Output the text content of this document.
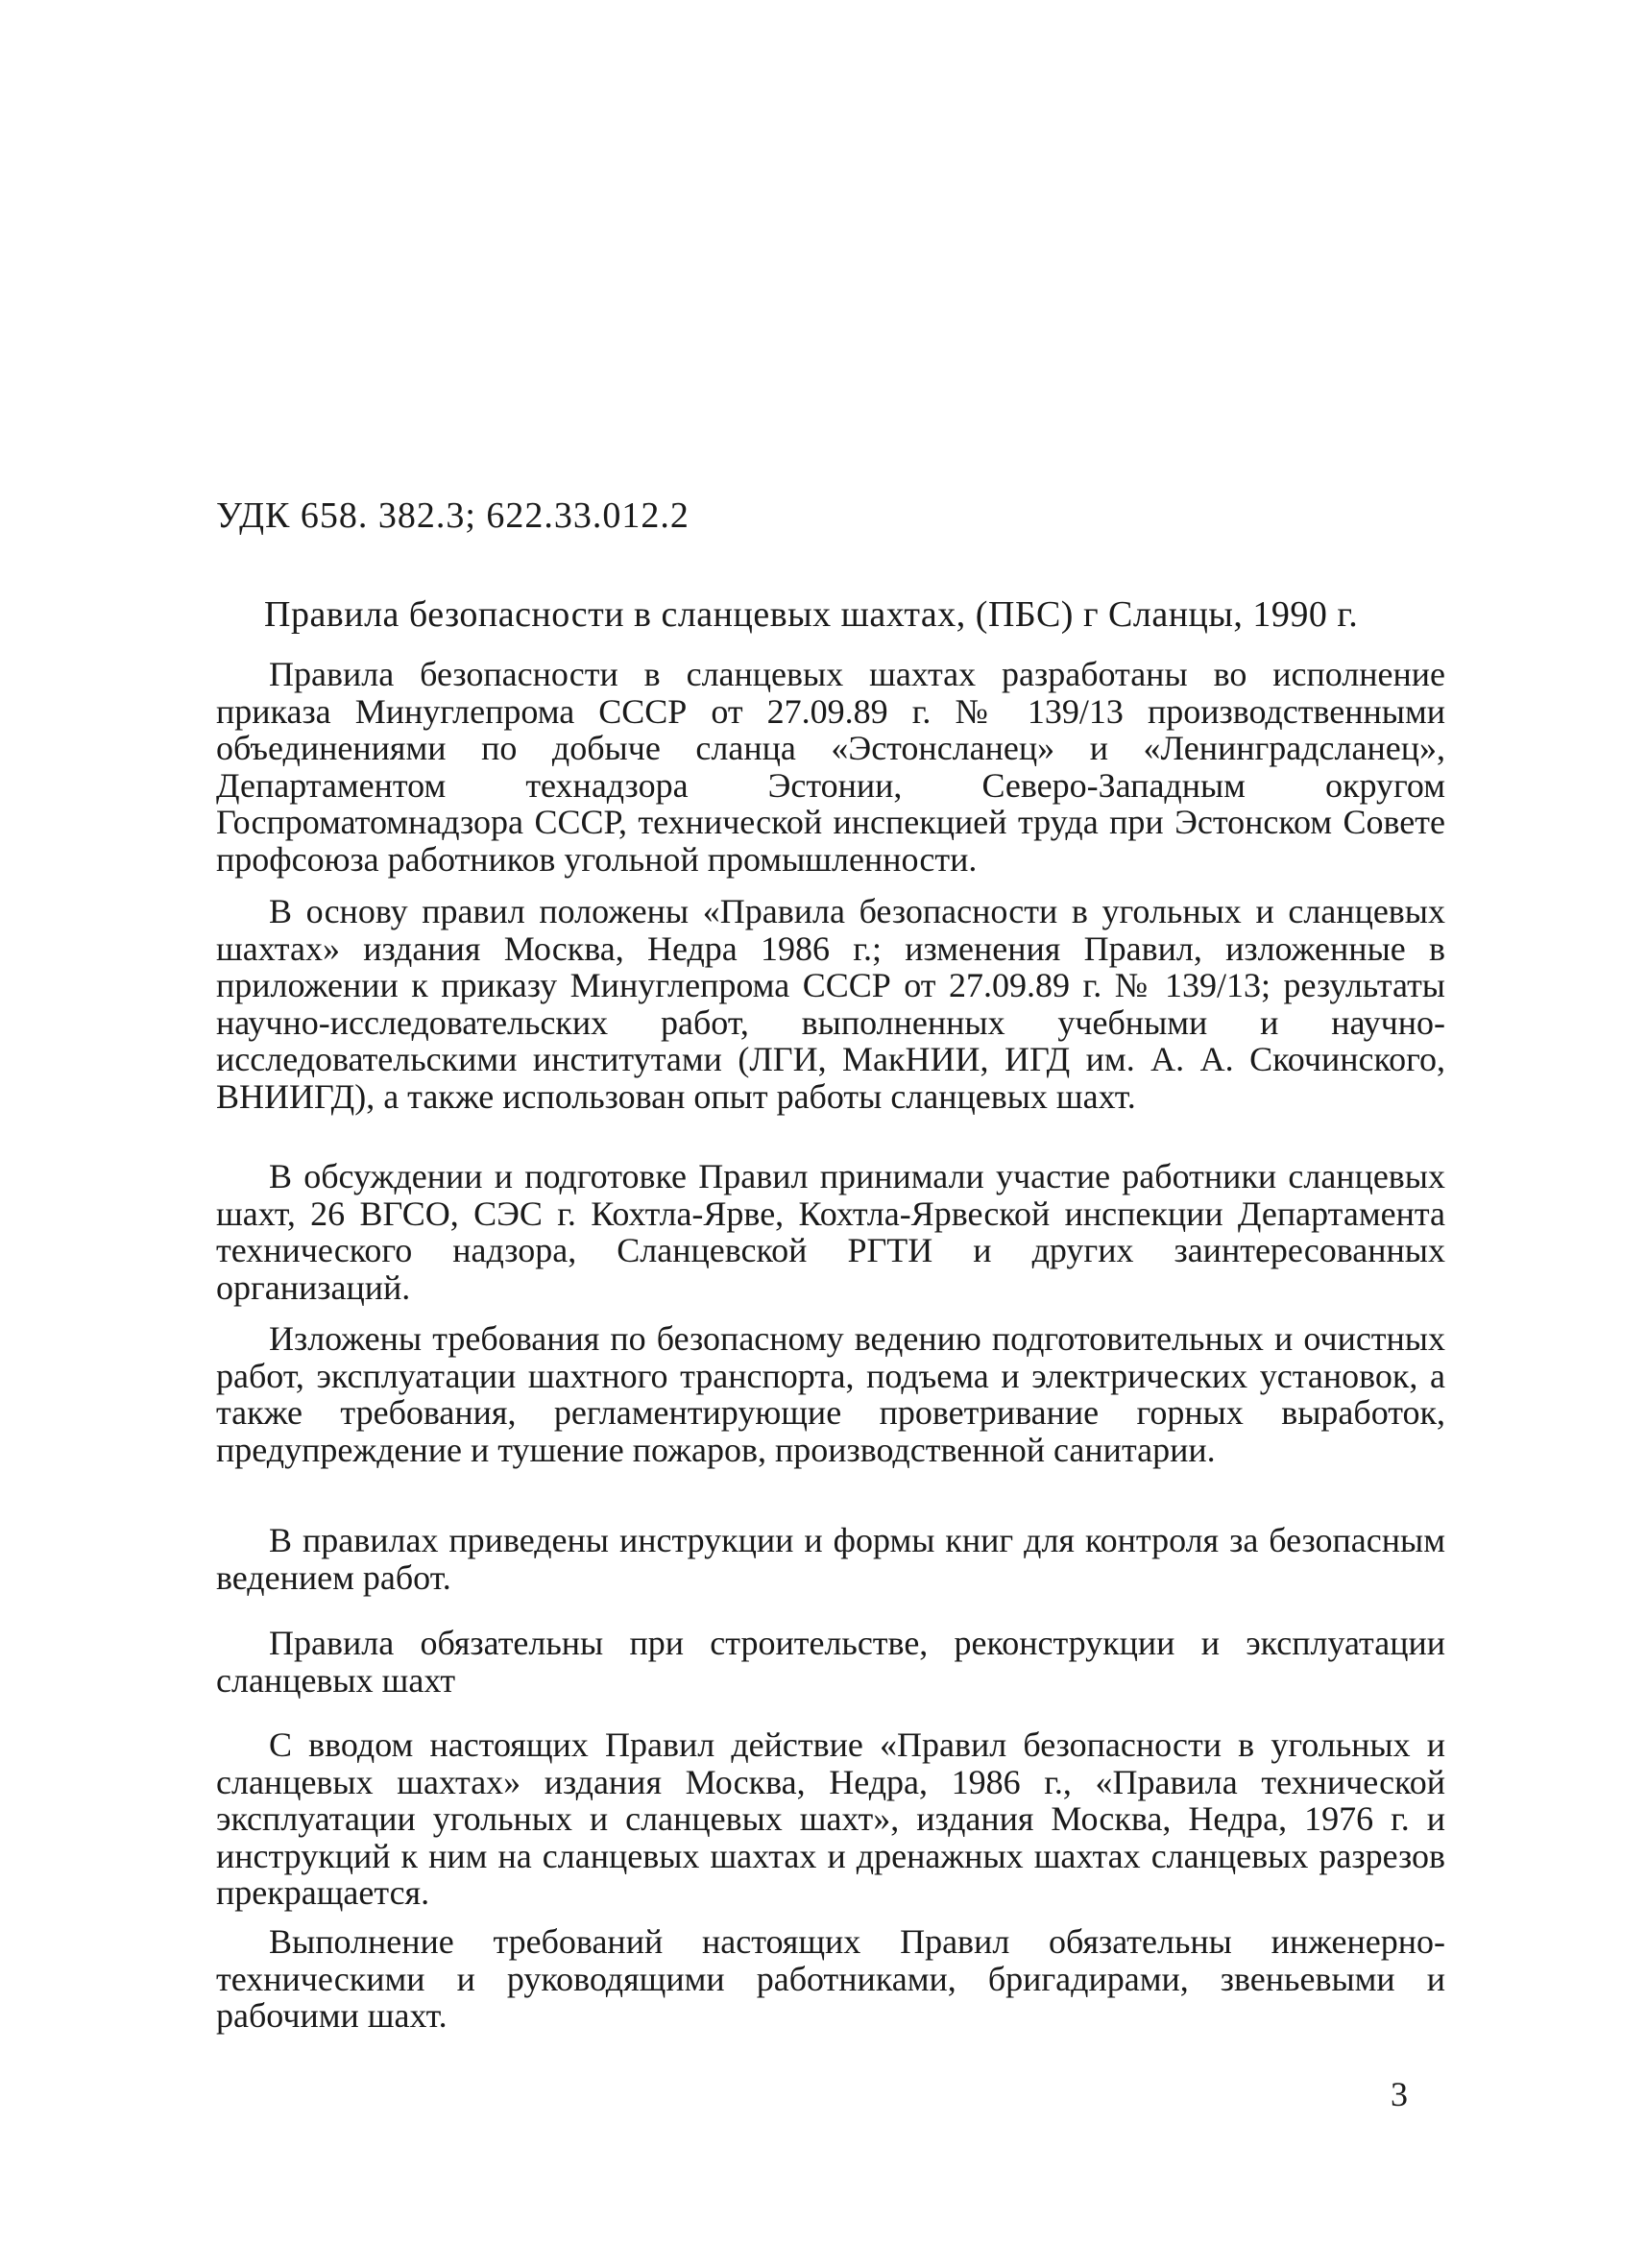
УДК 658. 382.3; 622.33.012.2
Правила безопасности в сланцевых шахтах, (ПБС) г Сланцы, 1990 г.

Правила безопасности в сланцевых шахтах разработаны во исполнение приказа Минуглепрома СССР от 27.09.89 г. № 139/13 производственными объединениями по добыче сланца «Эстонсланец» и «Ленинградсланец», Департаментом технадзора Эстонии, Северо-Западным округом Госпроматомнадзора СССР, технической инспекцией труда при Эстонском Совете профсоюза работников угольной промышленности.

В основу правил положены «Правила безопасности в угольных и сланцевых шахтах» издания Москва, Недра 1986 г.; изменения Правил, изложенные в приложении к приказу Минуглепрома СССР от 27.09.89 г. № 139/13; результаты научно-исследовательских работ, выполненных учебными и научно-исследовательскими институтами (ЛГИ, МакНИИ, ИГД им. А. А. Скочинского, ВНИИГД), а также использован опыт работы сланцевых шахт.

В обсуждении и подготовке Правил принимали участие работники сланцевых шахт, 26 ВГСО, СЭС г. Кохтла-Ярве, Кохтла-Ярвеской инспекции Департамента технического надзора, Сланцевской РГТИ и других заинтересованных организаций.

Изложены требования по безопасному ведению подготовительных и очистных работ, эксплуатации шахтного транспорта, подъема и электрических установок, а также требования, регламентирующие проветривание горных выработок, предупреждение и тушение пожаров, производственной санитарии.

В правилах приведены инструкции и формы книг для контроля за безопасным ведением работ.

Правила обязательны при строительстве, реконструкции и эксплуатации сланцевых шахт

С вводом настоящих Правил действие «Правил безопасности в угольных и сланцевых шахтах» издания Москва, Недра, 1986 г., «Правила технической эксплуатации угольных и сланцевых шахт», издания Москва, Недра, 1976 г. и инструкций к ним на сланцевых шахтах и дренажных шахтах сланцевых разрезов прекращается.

Выполнение требований настоящих Правил обязательны инженерно-техническими и руководящими работниками, бригадирами, звеньевыми и рабочими шахт.

3
